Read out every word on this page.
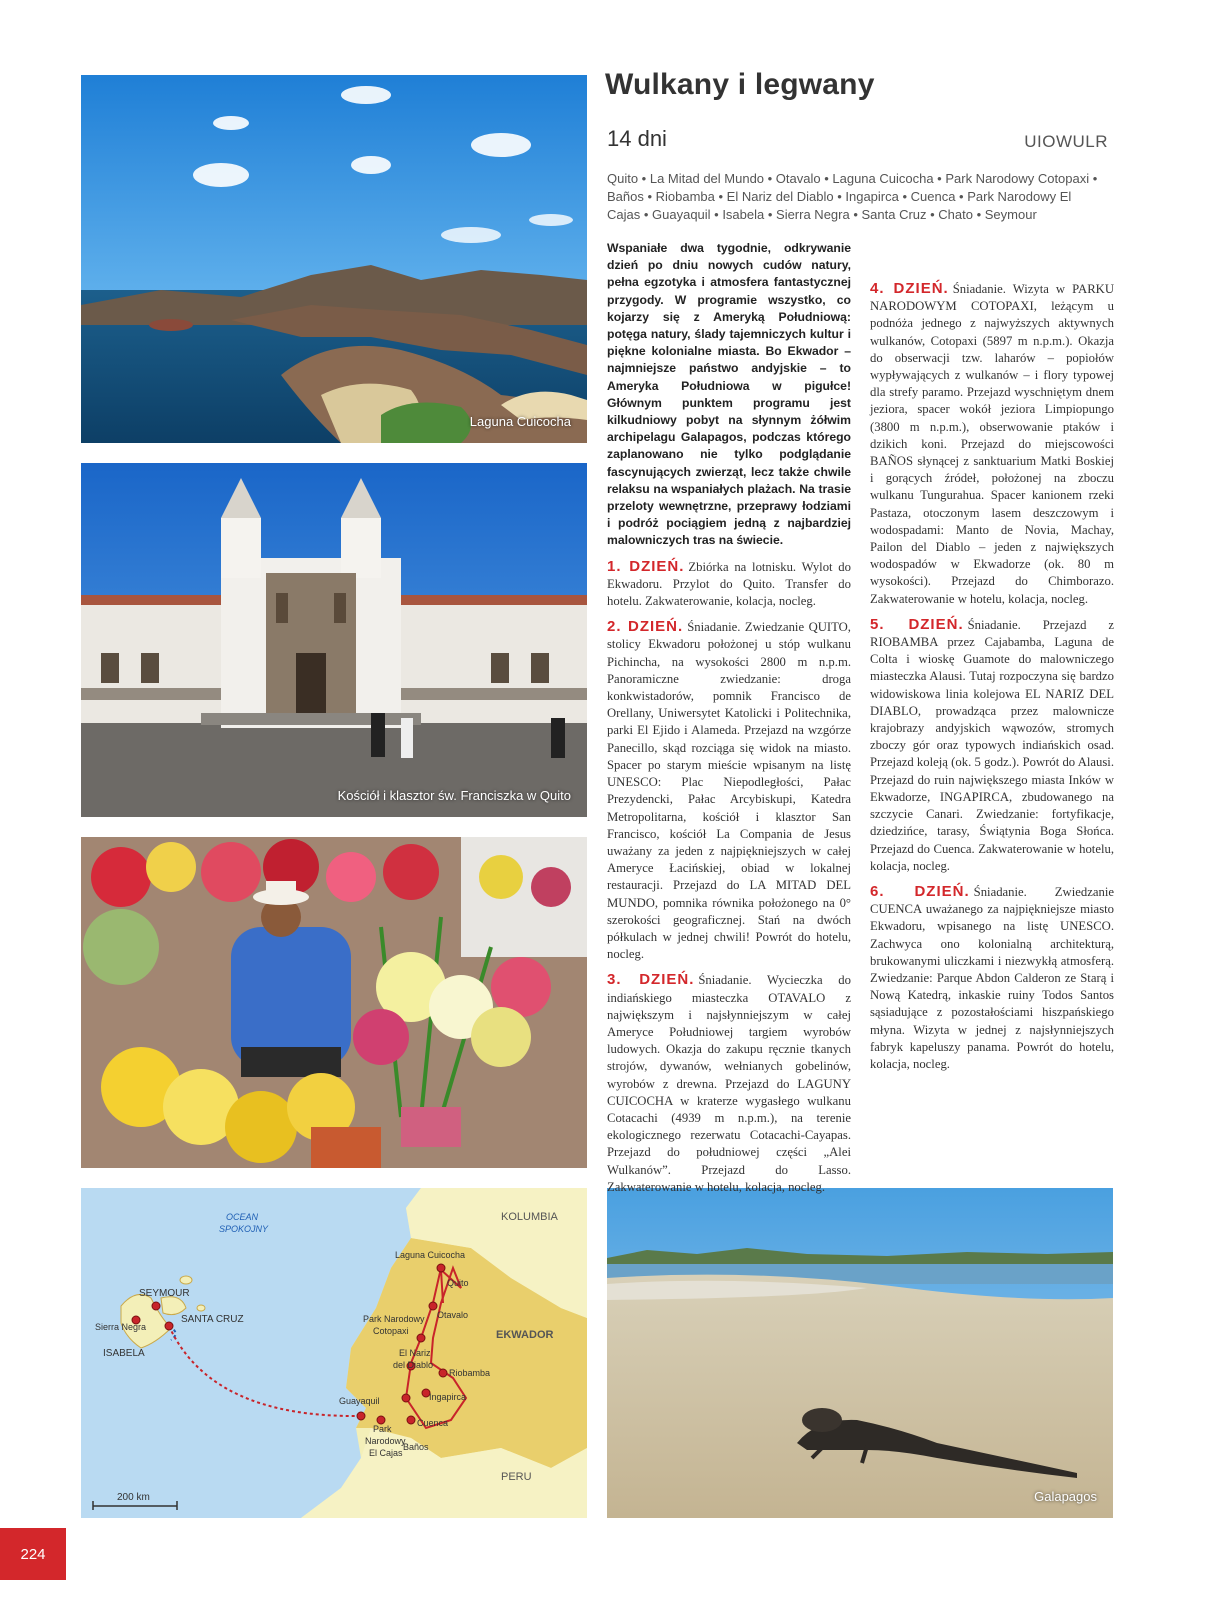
Laguna Cuicocha
Kościół i klasztor św. Franciszka w Quito
OCEAN
SPOKOJNY
KOLUMBIA
EKWADOR
PERU
SEYMOUR
SANTA CRUZ
Sierra Negra
ISABELA
Laguna Cuicocha
Quito
Otavalo
Park Narodowy
Cotopaxi
El Nariz
del Diablo
Riobamba
Ingapirca
Guayaquil
Cuenca
Park
Narodowy
El Cajas
Baños
200 km	Galapagos
Wulkany i legwany
14 dni	UIOWULR
Quito • La Mitad del Mundo • Otavalo • Laguna Cuicocha • Park Narodowy Cotopaxi • Baños • Riobamba • El Nariz del Diablo • Ingapirca • Cuenca • Park Narodowy El Cajas • Guayaquil • Isabela • Sierra Negra • Santa Cruz • Chato • Seymour

Wspaniałe dwa tygodnie, odkrywanie dzień po dniu nowych cudów natury, pełna egzotyka i atmosfera fantastycznej przygody. W programie wszystko, co kojarzy się z Ameryką Południową: potęga natury, ślady tajemniczych kultur i piękne kolonialne miasta. Bo Ekwador – najmniejsze państwo andyjskie – to Ameryka Południowa w pigułce! Głównym punktem programu jest kilkudniowy pobyt na słynnym żółwim archipelagu Galapagos, podczas którego zaplanowano nie tylko podglądanie fascynujących zwierząt, lecz także chwile relaksu na wspaniałych plażach. Na trasie przeloty wewnętrzne, przeprawy łodziami i podróż pociągiem jedną z najbardziej malowniczych tras na świecie.

1. DZIEŃ. Zbiórka na lotnisku. Wylot do Ekwadoru. Przylot do Quito. Transfer do hotelu. Zakwaterowanie, kolacja, nocleg.

2. DZIEŃ. Śniadanie. Zwiedzanie QUITO, stolicy Ekwadoru położonej u stóp wulkanu Pichincha, na wysokości 2800 m n.p.m. Panoramiczne zwiedzanie: droga konkwistadorów, pomnik Francisco de Orellany, Uniwersytet Katolicki i Politechnika, parki El Ejido i Alameda. Przejazd na wzgórze Panecillo, skąd rozciąga się widok na miasto. Spacer po starym mieście wpisanym na listę UNESCO: Plac Niepodległości, Pałac Prezydencki, Pałac Arcybiskupi, Katedra Metropolitarna, kościół i klasztor San Francisco, kościół La Compania de Jesus uważany za jeden z najpiękniejszych w całej Ameryce Łacińskiej, obiad w lokalnej restauracji. Przejazd do LA MITAD DEL MUNDO, pomnika równika położonego na 0° szerokości geograficznej. Stań na dwóch półkulach w jednej chwili! Powrót do hotelu, nocleg.

3. DZIEŃ. Śniadanie. Wycieczka do indiańskiego miasteczka OTAVALO z największym i najsłynniejszym w całej Ameryce Południowej targiem wyrobów ludowych. Okazja do zakupu ręcznie tkanych strojów, dywanów, wełnianych gobelinów, wyrobów z drewna. Przejazd do LAGUNY CUICOCHA w kraterze wygasłego wulkanu Cotacachi (4939 m n.p.m.), na terenie ekologicznego rezerwatu Cotacachi-Cayapas. Przejazd do południowej części „Alei Wulkanów”. Przejazd do Lasso. Zakwaterowanie w hotelu, kolacja, nocleg.

4. DZIEŃ. Śniadanie. Wizyta w PARKU NARODOWYM COTOPAXI, leżącym u podnóża jednego z najwyższych aktywnych wulkanów, Cotopaxi (5897 m n.p.m.). Okazja do obserwacji tzw. laharów – popiołów wypływających z wulkanów – i flory typowej dla strefy paramo. Przejazd wyschniętym dnem jeziora, spacer wokół jeziora Limpiopungo (3800 m n.p.m.), obserwowanie ptaków i dzikich koni. Przejazd do miejscowości BAÑOS słynącej z sanktuarium Matki Boskiej i gorących źródeł, położonej na zboczu wulkanu Tungurahua. Spacer kanionem rzeki Pastaza, otoczonym lasem deszczowym i wodospadami: Manto de Novia, Machay, Pailon del Diablo – jeden z największych wodospadów w Ekwadorze (ok. 80 m wysokości). Przejazd do Chimborazo. Zakwaterowanie w hotelu, kolacja, nocleg.

5. DZIEŃ. Śniadanie. Przejazd z RIOBAMBA przez Cajabamba, Laguna de Colta i wioskę Guamote do malowniczego miasteczka Alausi. Tutaj rozpoczyna się bardzo widowiskowa linia kolejowa EL NARIZ DEL DIABLO, prowadząca przez malownicze krajobrazy andyjskich wąwozów, stromych zboczy gór oraz typowych indiańskich osad. Przejazd koleją (ok. 5 godz.). Powrót do Alausi. Przejazd do ruin największego miasta Inków w Ekwadorze, INGAPIRCA, zbudowanego na szczycie Canari. Zwiedzanie: fortyfikacje, dziedzińce, tarasy, Świątynia Boga Słońca. Przejazd do Cuenca. Zakwaterowanie w hotelu, kolacja, nocleg.

6. DZIEŃ. Śniadanie. Zwiedzanie CUENCA uważanego za najpiękniejsze miasto Ekwadoru, wpisanego na listę UNESCO. Zachwyca ono kolonialną architekturą, brukowanymi uliczkami i niezwykłą atmosferą. Zwiedzanie: Parque Abdon Calderon ze Starą i Nową Katedrą, inkaskie ruiny Todos Santos sąsiadujące z pozostałościami hiszpańskiego młyna. Wizyta w jednej z najsłynniejszych fabryk kapeluszy panama. Powrót do hotelu, kolacja, nocleg.

224
